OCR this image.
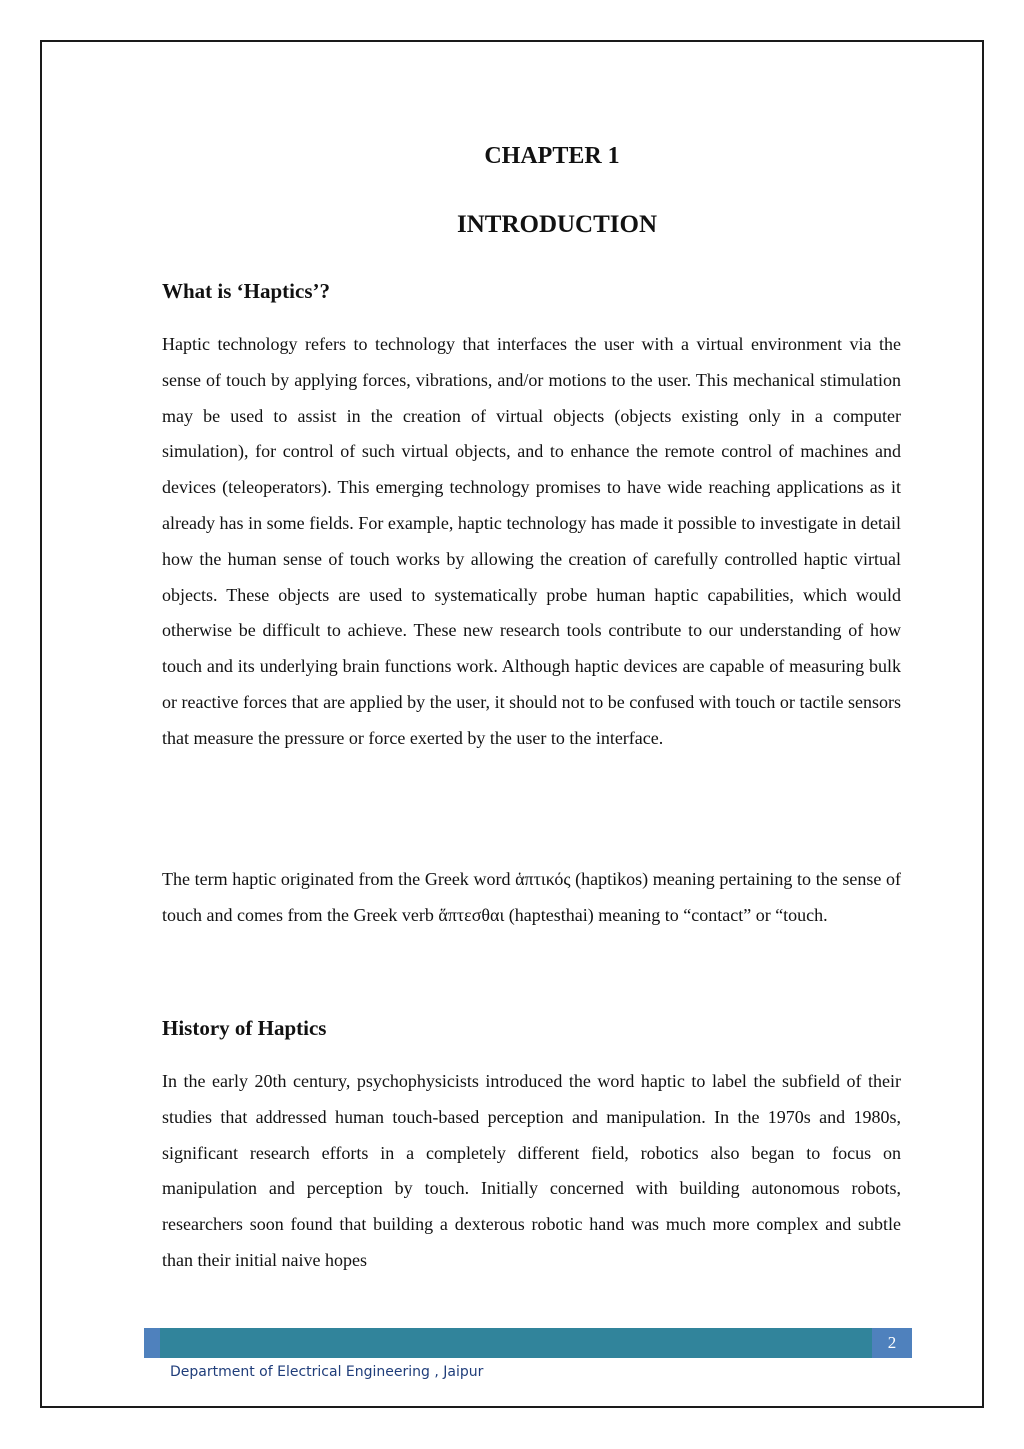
CHAPTER 1
INTRODUCTION
What is ‘Haptics’?

Haptic technology refers to technology that interfaces the user with a virtual environment via the sense of touch by applying forces, vibrations, and/or motions to the user. This mechanical stimulation may be used to assist in the creation of virtual objects (objects existing only in a computer simulation), for control of such virtual objects, and to enhance the remote control of machines and devices (teleoperators). This emerging technology promises to have wide reaching applications as it already has in some fields. For example, haptic technology has made it possible to investigate in detail how the human sense of touch works by allowing the creation of carefully controlled haptic virtual objects. These objects are used to systematically probe human haptic capabilities, which would otherwise be difficult to achieve. These new research tools contribute to our understanding of how touch and its underlying brain functions work. Although haptic devices are capable of measuring bulk or reactive forces that are applied by the user, it should not to be confused with touch or tactile sensors that measure the pressure or force exerted by the user to the interface.

The term haptic originated from the Greek word ἁπτικός (haptikos) meaning pertaining to the sense of touch and comes from the Greek verb ἅπτεσθαι (haptesthai) meaning to “contact” or “touch.

History of Haptics

In the early 20th century, psychophysicists introduced the word haptic to label the subfield of their studies that addressed human touch-based perception and manipulation. In the 1970s and 1980s, significant research efforts in a completely different field, robotics also began to focus on manipulation and perception by touch. Initially concerned with building autonomous robots, researchers soon found that building a dexterous robotic hand was much more complex and subtle than their initial naive hopes

2
Department of Electrical Engineering , Jaipur
